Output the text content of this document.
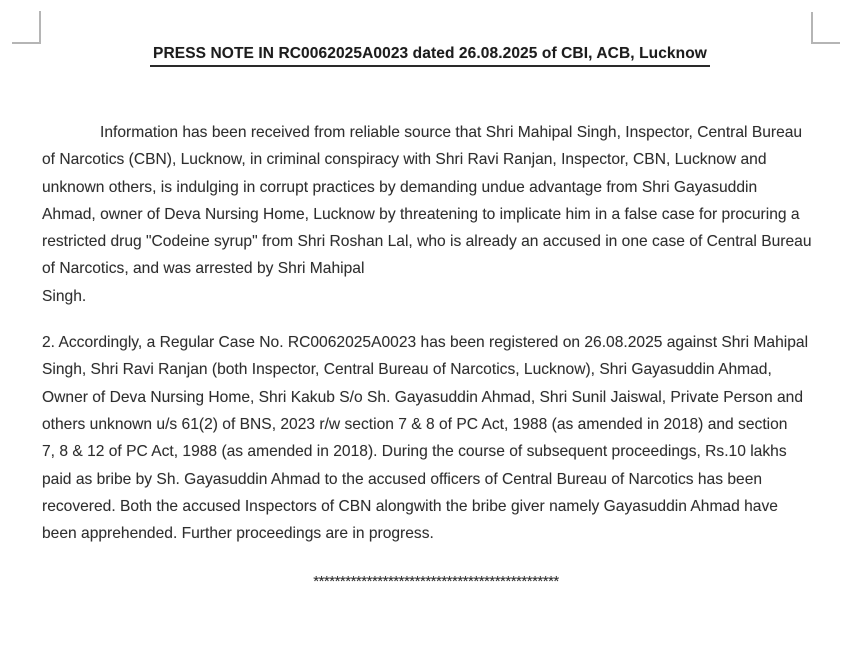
PRESS NOTE IN RC0062025A0023 dated 26.08.2025 of CBI, ACB, Lucknow
Information has been received from reliable source that Shri Mahipal Singh, Inspector, Central Bureau
of Narcotics (CBN), Lucknow, in criminal conspiracy with Shri Ravi Ranjan, Inspector, CBN, Lucknow and
unknown others, is indulging in corrupt practices by demanding undue advantage from Shri Gayasuddin
Ahmad, owner of Deva Nursing Home, Lucknow by threatening to implicate him in a false case for procuring a
restricted drug "Codeine syrup" from Shri Roshan Lal, who is already an accused in one case of Central Bureau
of Narcotics, and was arrested by Shri Mahipal
Singh.
2. Accordingly, a Regular Case No. RC0062025A0023 has been registered on 26.08.2025 against Shri Mahipal
Singh, Shri Ravi Ranjan (both Inspector, Central Bureau of Narcotics, Lucknow), Shri Gayasuddin Ahmad,
Owner of Deva Nursing Home, Shri Kakub S/o Sh. Gayasuddin Ahmad, Shri Sunil Jaiswal, Private Person and
others unknown u/s 61(2) of BNS, 2023 r/w section 7 & 8 of PC Act, 1988 (as amended in 2018) and section
7, 8 & 12 of PC Act, 1988 (as amended in 2018). During the course of subsequent proceedings, Rs.10 lakhs
paid as bribe by Sh. Gayasuddin Ahmad to the accused officers of Central Bureau of Narcotics has been
recovered. Both the accused Inspectors of CBN alongwith the bribe giver namely Gayasuddin Ahmad have
been apprehended. Further proceedings are in progress.
**********************************************
